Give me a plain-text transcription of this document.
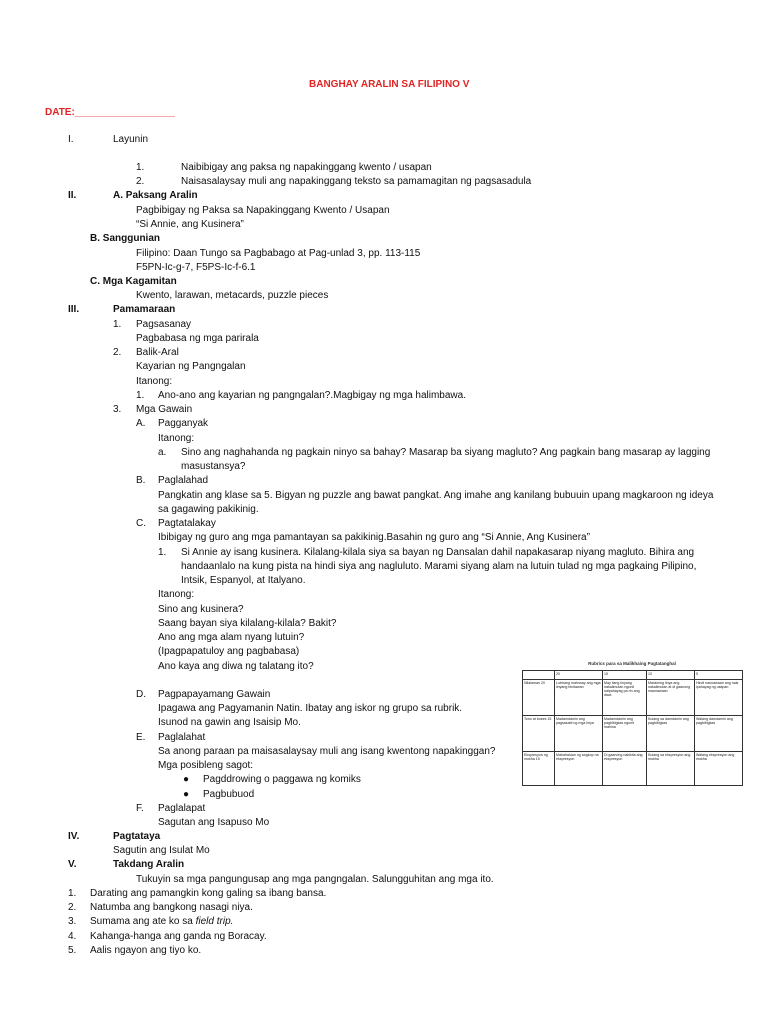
BANGHAY ARALIN SA FILIPINO V
DATE:__________________
I.	Layunin
1.	Naibibigay ang paksa ng napakinggang kwento / usapan
2.	Naisasalaysay muli ang napakinggang teksto sa pamamagitan ng pagsasadula
II.	A. Paksang Aralin
Pagbibigay ng Paksa sa Napakinggang Kwento / Usapan
“Si Annie, ang Kusinera”
B. Sanggunian
Filipino: Daan Tungo sa Pagbabago at Pag-unlad 3, pp. 113-115
F5PN-Ic-g-7, F5PS-Ic-f-6.1
C. Mga Kagamitan
Kwento, larawan, metacards, puzzle pieces
III.	Pamamaraan
1. Pagsasanay
Pagbabasa ng mga parirala
2. Balik-Aral
Kayarian ng Pangngalan
Itanong:
1. Ano-ano ang kayarian ng pangngalan?.Magbigay ng mga halimbawa.
3. Mga Gawain
A. Pagganyak
Itanong:
a. Sino ang naghahanda ng pagkain ninyo sa bahay? Masarap ba siyang magluto? Ang pagkain bang masarap ay lagging
masustansya?
B. Paglalahad
Pangkatin ang klase sa 5. Bigyan ng puzzle ang bawat pangkat. Ang imahe ang kanilang bubuuin upang magkaroon ng ideya
sa gagawing pakikinig.
C. Pagtatalakay
Ibibigay ng guro ang mga pamantayan sa pakikinig.Basahin ng guro ang “Si Annie, Ang Kusinera”
1. Si Annie ay isang kusinera. Kilalang-kilala siya sa bayan ng Dansalan dahil napakasarap niyang magluto. Bihira ang
handaanlalo na kung pista na hindi siya ang nagluluto. Marami siyang alam na lutuin tulad ng mga pagkaing Pilipino,
Intsik, Espanyol, at Italyano.
Itanong:
Sino ang kusinera?
Saang bayan siya kilalang-kilala? Bakit?
Ano ang mga alam nyang lutuin?
(Ipagpapatuloy ang pagbabasa)
Ano kaya ang diwa ng talatang ito?
D. Pagpapayamang Gawain
Ipagawa ang Pagyamanin Natin. Ibatay ang iskor ng grupo sa rubrik.
Isunod na gawin ang Isaisip Mo.
E. Paglalahat
Sa anong paraan pa maisasalaysay muli ang isang kwentong napakinggan?
Mga posibleng sagot:
● Pagddrowing o paggawa ng komiks
● Pagbubuod
F. Paglalapat
Sagutan ang Isapuso Mo
IV.	Pagtataya
Sagutin ang Isulat Mo
V.	Takdang Aralin
Tukuyin sa mga pangungusap ang mga pangngalan. Salungguhitan ang mga ito.
1. Darating ang pamangkin kong galing sa ibang bansa.
2. Natumba ang bangkong nasagi niya.
3. Sumama ang ate ko sa field trip.
4. Kahanga-hanga ang ganda ng Boracay.
5. Aalis ngayon ang tiyo ko.
Rubrics para sa Malikhaing Pagtatanghal
	20	15	10	5
Nilalaman 20	Lubhang mahusay ang mga linyang binitawan	May ilang linyang nakalimutan ngunit naipahayag pa rin ang diwa	Maraming linya ang nakalimutan at di gaanong maunawaan	Hindi naunawaan ang nais ipahayag ng usapan
Tono at boses 15	Madamdamin ang pagsasabi ng mga linya	Madamdamin ang pagbibigkas ngunit mahina	Kulang sa damdamin ang pagbibigkas	Walang damdamin ang pagbibigkas
Ekspresyon ng mukha 15	Mahahaluan ng angkop na ekspresyon	Di gaanong nakikita ang ekspresyon	Kulang sa ekspresyon ang mukha	Walang ekspresyon ang mukha
